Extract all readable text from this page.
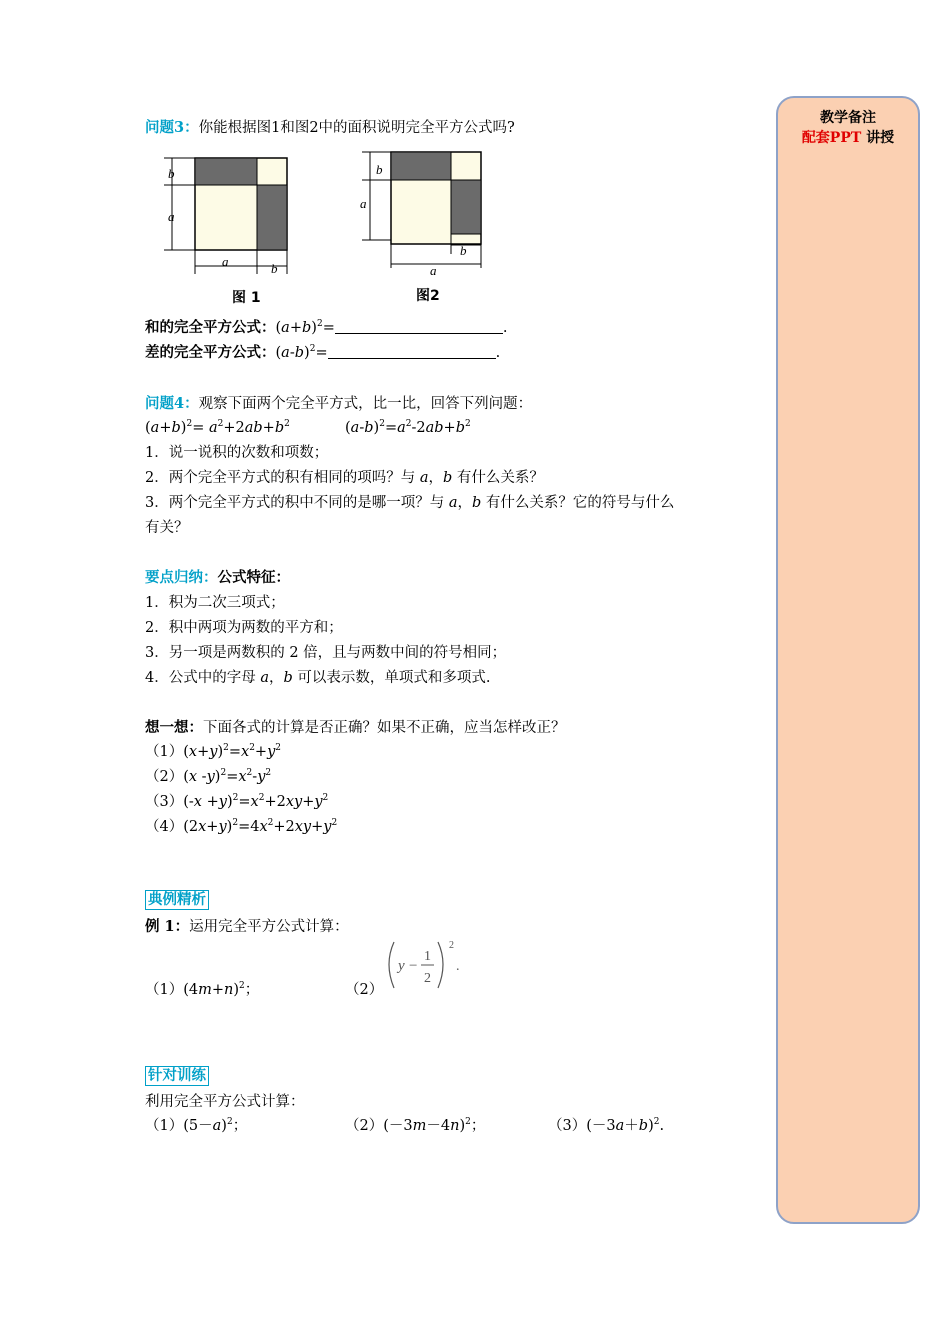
教学备注
配套PPT 讲授
问题3：你能根据图1和图2中的面积说明完全平方公式吗?
b
a
a	b
图 1
b
a
b
a
图2
和的完全平方公式：$(a+b)^2=$	.
差的完全平方公式：$(a-b)^2=$	.
问题4：观察下面两个完全平方式，比一比，回答下列问题：
$(a+b)^2= a^2+2ab+b^2$	$(a-b)^2=a^2-2ab+b^2$
1．说一说积的次数和项数；
2．两个完全平方式的积有相同的项吗？与 a，b 有什么关系？
3．两个完全平方式的积中不同的是哪一项？与 a，b 有什么关系？它的符号与什么
有关？
要点归纳：公式特征：
1．积为二次三项式；
2．积中两项为两数的平方和；
3．另一项是两数积的 2 倍，且与两数中间的符号相同；
4．公式中的字母 a，b 可以表示数，单项式和多项式.
想一想：下面各式的计算是否正确？如果不正确，应当怎样改正？
$(1)(x+y)^2=x^2+y^2$
（2）(x $-y)^2=x^2-y^2$
$(3)(-x +y)^2=x^2+2xy+y^2$
$(4)(2x+y)^2=4x^2+2xy+y^2$
典例精析
例 1：运用完全平方公式计算：
$(1)(4m+n)^2$；	（2）
y −
1
2
2
.
针对训练
利用完全平方公式计算：
$(1)(5-a)^2$；	$(2)(-3m-4n)^2$；	$(3)(-3a+b)^2$.
